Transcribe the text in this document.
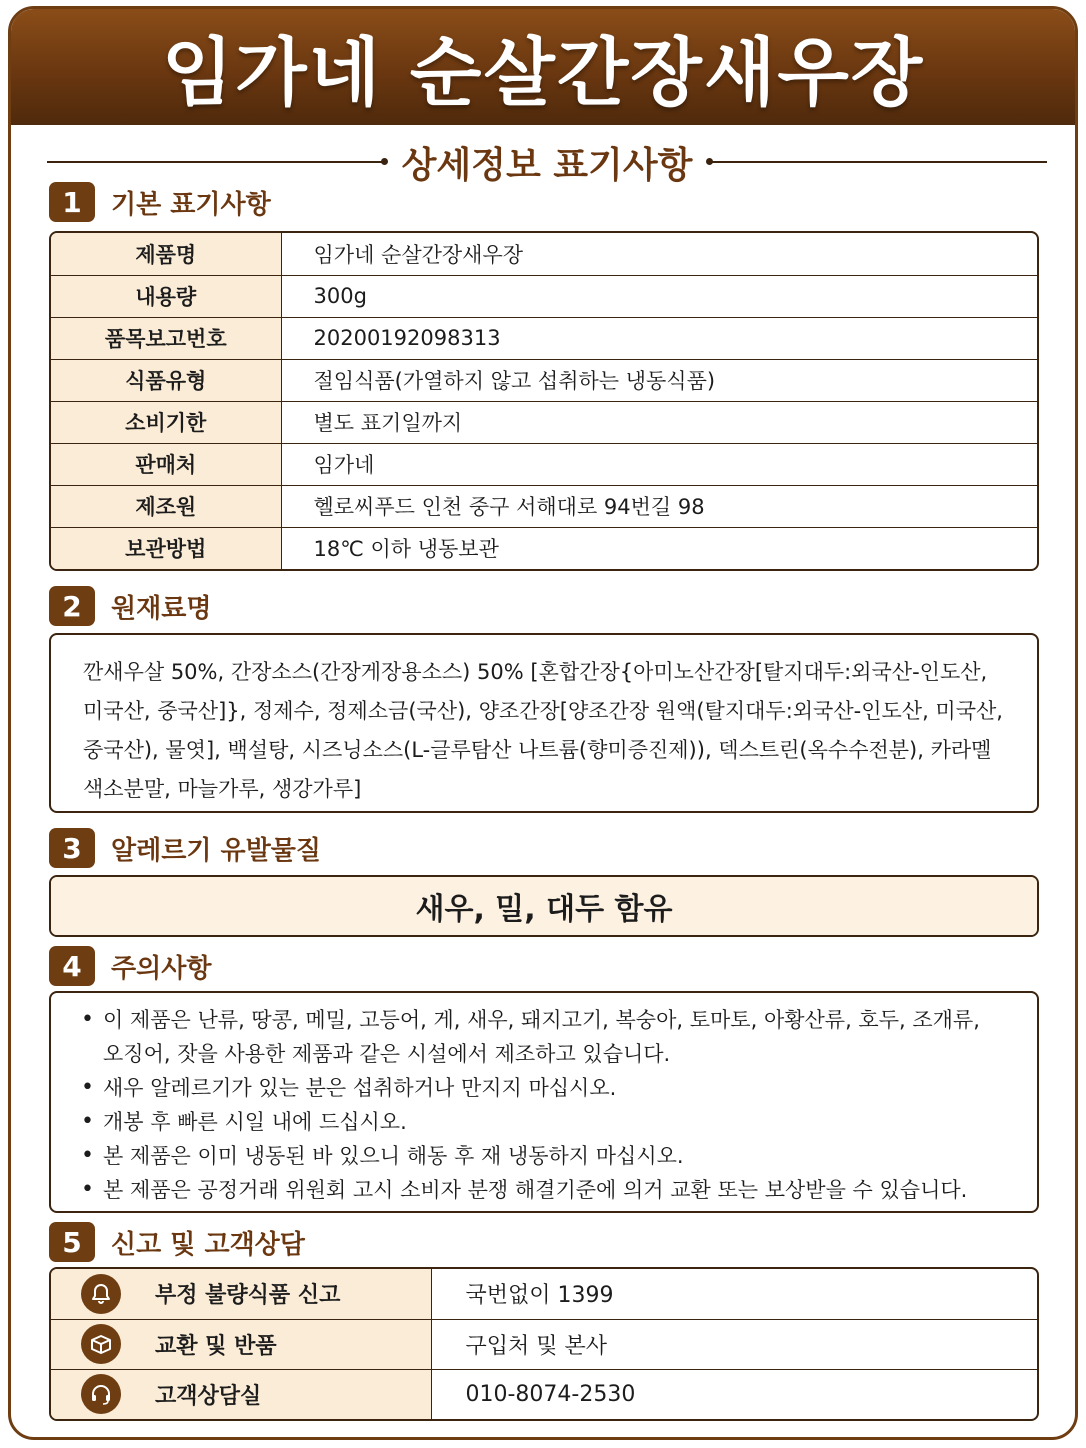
임가네 순살간장새우장
상세정보 표기사항
1	기본 표기사항
제품명	임가네 순살간장새우장
내용량	300g
품목보고번호	20200192098313
식품유형	절임식품(가열하지 않고 섭취하는 냉동식품)
소비기한	별도 표기일까지
판매처	임가네
제조원	헬로씨푸드 인천 중구 서해대로 94번길 98
보관방법	18℃ 이하 냉동보관
2	원재료명
깐새우살 50%, 간장소스(간장게장용소스) 50% [혼합간장{아미노산간장[탈지대두:외국산-인도산,
미국산, 중국산]}, 정제수, 정제소금(국산), 양조간장[양조간장 원액(탈지대두:외국산-인도산, 미국산,
중국산), 물엿], 백설탕, 시즈닝소스(L-글루탐산 나트륨(향미증진제)), 덱스트린(옥수수전분), 카라멜
색소분말, 마늘가루, 생강가루]
3	알레르기 유발물질
새우, 밀, 대두 함유
4	주의사항
• 이 제품은 난류, 땅콩, 메밀, 고등어, 게, 새우, 돼지고기, 복숭아, 토마토, 아황산류, 호두, 조개류,
오징어, 잣을 사용한 제품과 같은 시설에서 제조하고 있습니다.
• 새우 알레르기가 있는 분은 섭취하거나 만지지 마십시오.
• 개봉 후 빠른 시일 내에 드십시오.
• 본 제품은 이미 냉동된 바 있으니 해동 후 재 냉동하지 마십시오.
• 본 제품은 공정거래 위원회 고시 소비자 분쟁 해결기준에 의거 교환 또는 보상받을 수 있습니다.
5	신고 및 고객상담
	부정 불량식품 신고	국번없이 1399

	교환 및 반품	구입처 및 본사

	고객상담실	010-8074-2530
